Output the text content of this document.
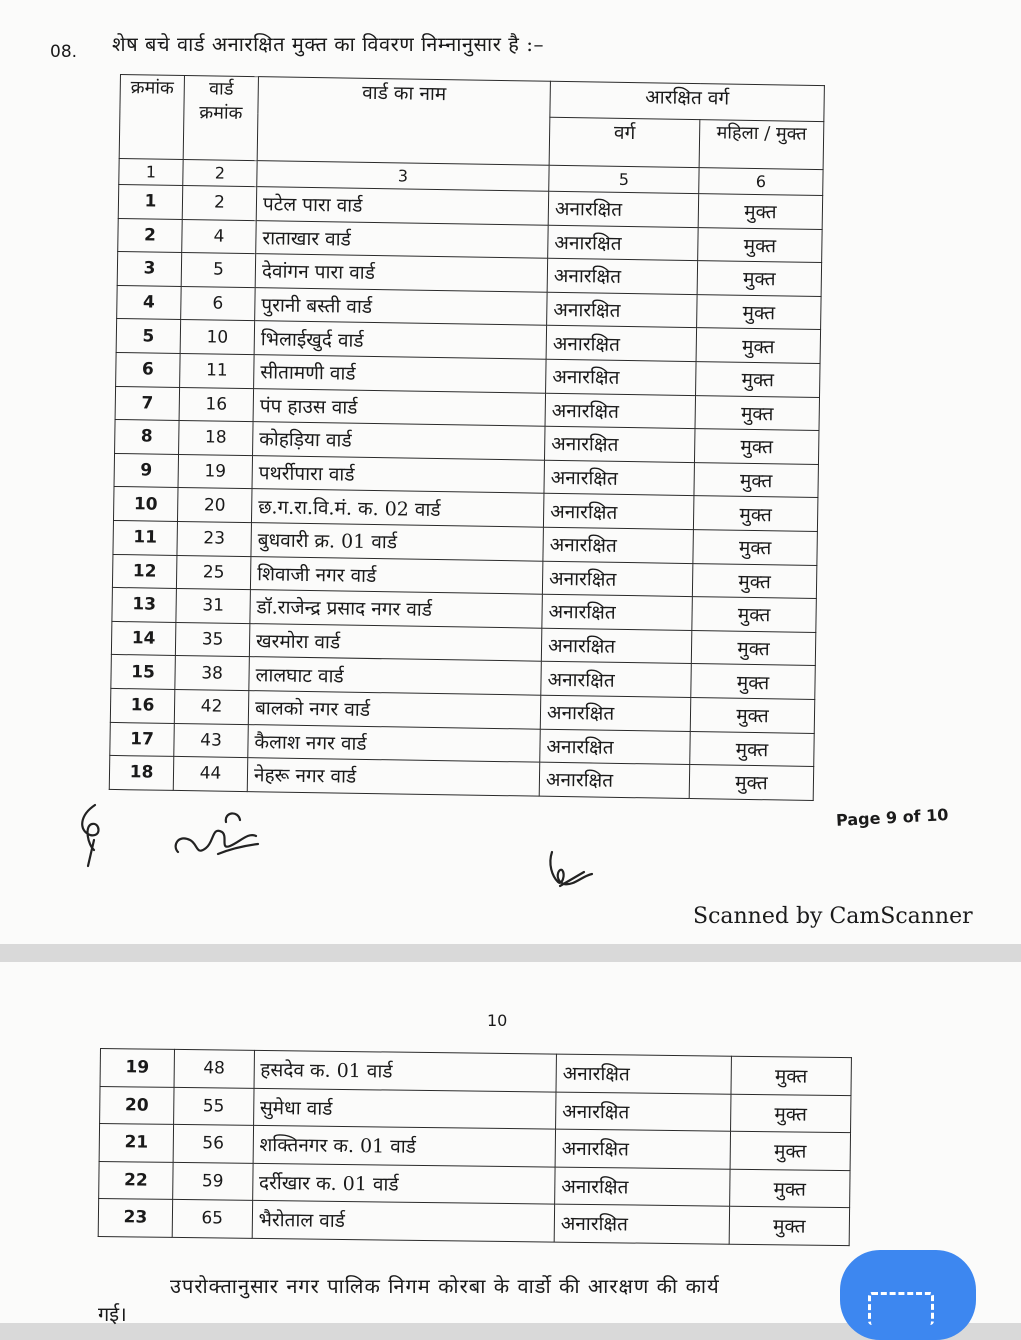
08. शेष बचे वार्ड अनारक्षित मुक्त का विवरण निम्नानुसार है :–
क्रमांक	वार्ड क्रमांक	वार्ड का नाम	आरक्षित वर्ग	
			वर्ग	महिला / मुक्त
1	2	3	5	6
1	2	पटेल पारा वार्ड	अनारक्षित	मुक्त
2	4	राताखार वार्ड	अनारक्षित	मुक्त
3	5	देवांगन पारा वार्ड	अनारक्षित	मुक्त
4	6	पुरानी बस्ती वार्ड	अनारक्षित	मुक्त
5	10	भिलाईखुर्द वार्ड	अनारक्षित	मुक्त
6	11	सीतामणी वार्ड	अनारक्षित	मुक्त
7	16	पंप हाउस वार्ड	अनारक्षित	मुक्त
8	18	कोहड़िया वार्ड	अनारक्षित	मुक्त
9	19	पथर्रीपारा वार्ड	अनारक्षित	मुक्त
10	20	छ.ग.रा.वि.मं. क. 02 वार्ड	अनारक्षित	मुक्त
11	23	बुधवारी क्र. 01 वार्ड	अनारक्षित	मुक्त
12	25	शिवाजी नगर वार्ड	अनारक्षित	मुक्त
13	31	डॉ.राजेन्द्र प्रसाद नगर वार्ड	अनारक्षित	मुक्त
14	35	खरमोरा वार्ड	अनारक्षित	मुक्त
15	38	लालघाट वार्ड	अनारक्षित	मुक्त
16	42	बालको नगर वार्ड	अनारक्षित	मुक्त
17	43	कैलाश नगर वार्ड	अनारक्षित	मुक्त
18	44	नेहरू नगर वार्ड	अनारक्षित	मुक्त
Page 9 of 10
Scanned by CamScanner
10
19	48	हसदेव क. 01 वार्ड	अनारक्षित	मुक्त
20	55	सुमेधा वार्ड	अनारक्षित	मुक्त
21	56	शक्तिनगर क. 01 वार्ड	अनारक्षित	मुक्त
22	59	दर्रीखार क. 01 वार्ड	अनारक्षित	मुक्त
23	65	भैरोताल वार्ड	अनारक्षित	मुक्त
उपरोक्तानुसार नगर पालिक निगम कोरबा के वार्डो की आरक्षण की कार्य
गई।
